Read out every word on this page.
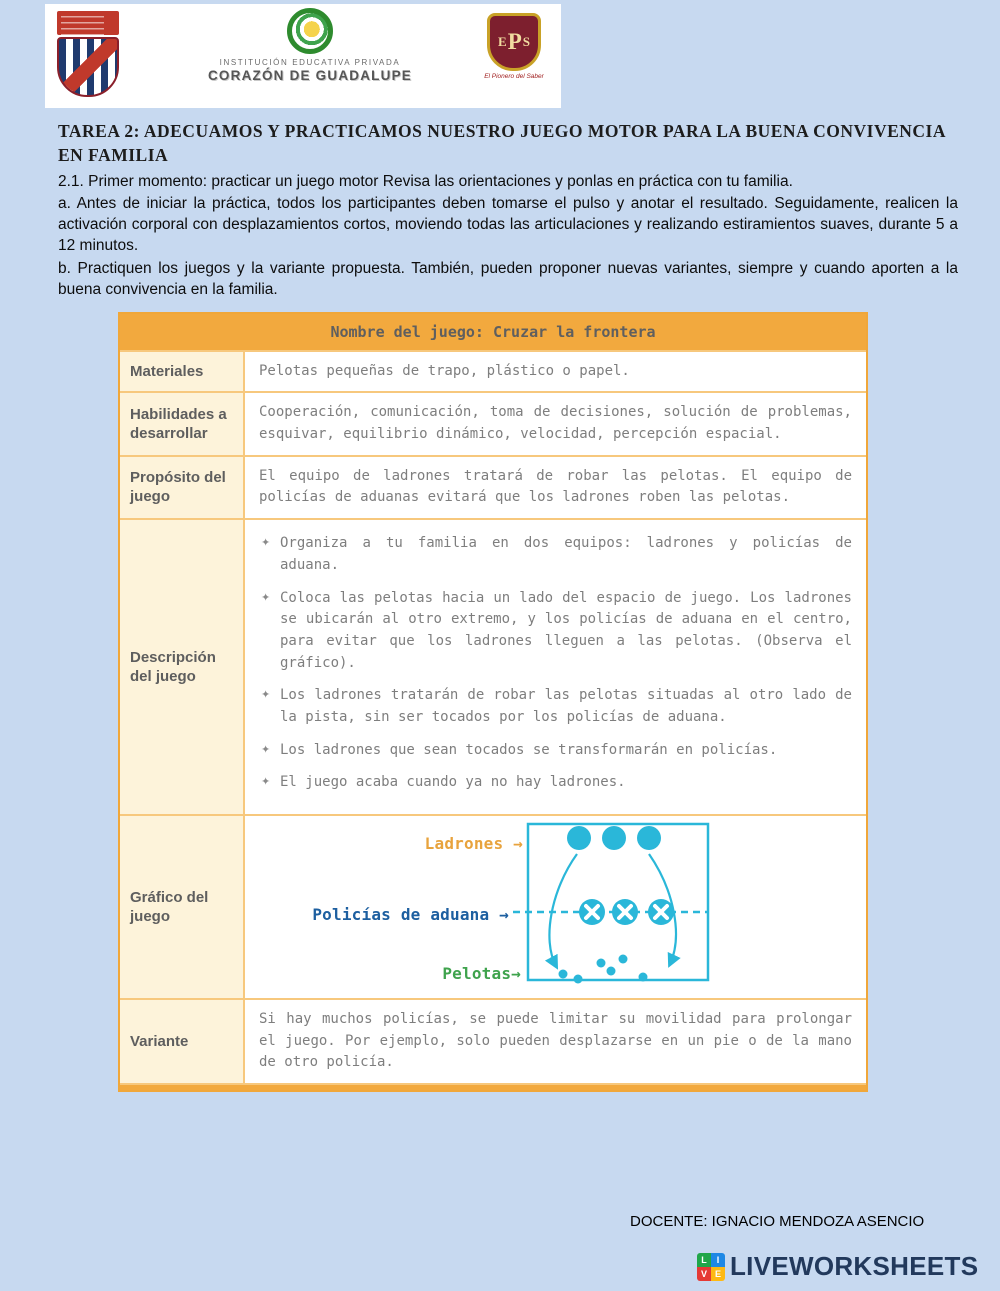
INSTITUCIÓN EDUCATIVA PRIVADA
CORAZÓN DE GUADALUPE
E P S
El Pionero del Saber
TAREA 2: ADECUAMOS Y PRACTICAMOS NUESTRO JUEGO MOTOR PARA LA BUENA CONVIVENCIA EN FAMILIA

2.1. Primer momento: practicar un juego motor Revisa las orientaciones y ponlas en práctica con tu familia.

a. Antes de iniciar la práctica, todos los participantes deben tomarse el pulso y anotar el resultado. Seguidamente, realicen la activación corporal con desplazamientos cortos, moviendo todas las articulaciones y realizando estiramientos suaves, durante 5 a 12 minutos.

b. Practiquen los juegos y la variante propuesta. También, pueden proponer nuevas variantes, siempre y cuando aporten a la buena convivencia en la familia.

Nombre del juego: Cruzar la frontera
Materiales	Pelotas pequeñas de trapo, plástico o papel.
Habilidades a desarrollar
Cooperación, comunicación, toma de decisiones, solución de problemas, esquivar, equilibrio dinámico, velocidad, percepción espacial.
Propósito del juego
El equipo de ladrones tratará de robar las pelotas. El equipo de policías de aduanas evitará que los ladrones roben las pelotas.
Descripción del juego
✦ Organiza a tu familia en dos equipos: ladrones y policías de aduana.
✦ Coloca las pelotas hacia un lado del espacio de juego. Los ladrones se ubicarán al otro extremo, y los policías de aduana en el centro, para evitar que los ladrones lleguen a las pelotas. (Observa el gráfico).
✦ Los ladrones tratarán de robar las pelotas situadas al otro lado de la pista, sin ser tocados por los policías de aduana.
✦ Los ladrones que sean tocados se transformarán en policías.
✦ El juego acaba cuando ya no hay ladrones.
Gráfico del juego
Ladrones →
Policías de aduana →
Pelotas→
Variante
Si hay muchos policías, se puede limitar su movilidad para prolongar el juego. Por ejemplo, solo pueden desplazarse en un pie o de la mano de otro policía.
DOCENTE: IGNACIO MENDOZA ASENCIO
L	I
V E LIVEWORKSHEETS
